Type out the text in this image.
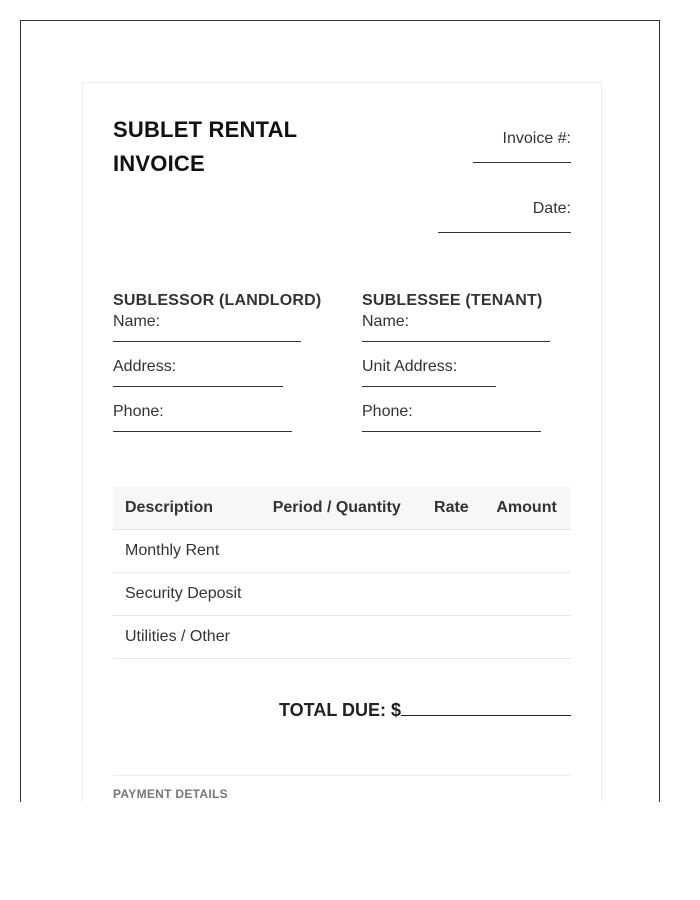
SUBLET RENTAL INVOICE
Invoice #:
Date:
SUBLESSOR (LANDLORD)
Name:
Address:
Phone:
SUBLESSEE (TENANT)
Name:
Unit Address:
Phone:
Description	Period / Quantity	Rate	Amount
Monthly Rent			
Security Deposit			
Utilities / Other			
TOTAL DUE: $
PAYMENT DETAILS
